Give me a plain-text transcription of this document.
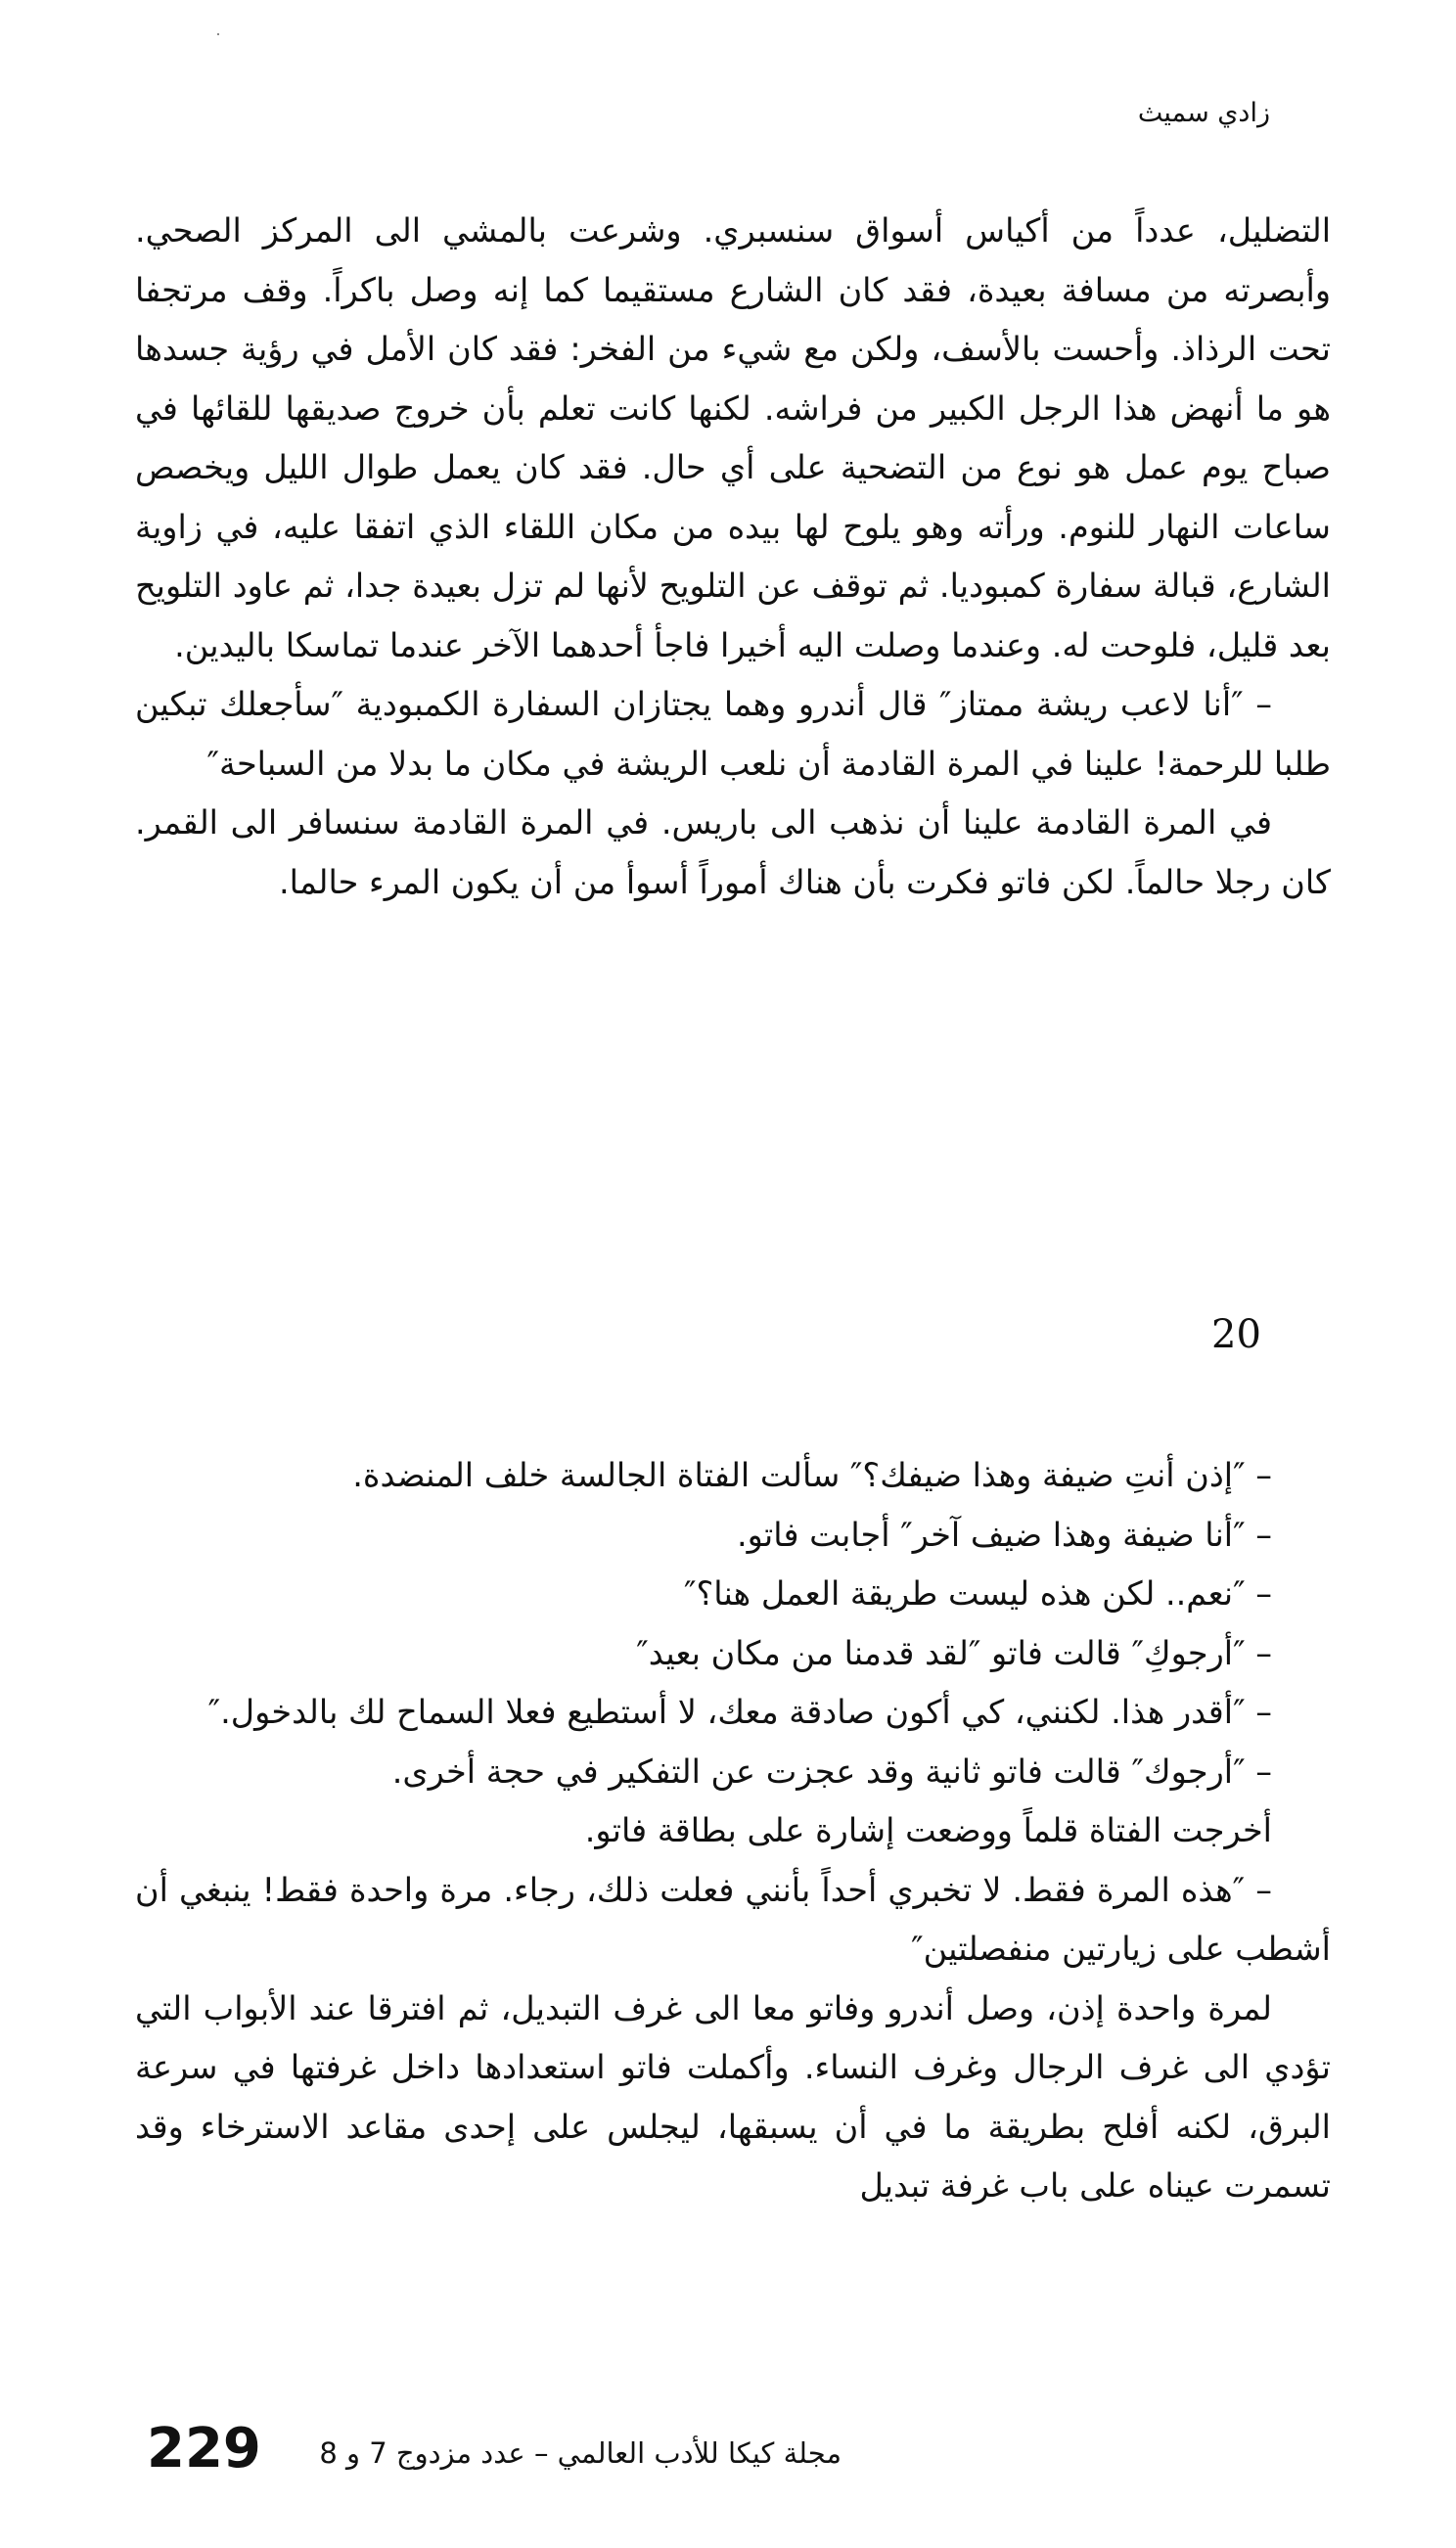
زادي سميث

التضليل، عدداً من أكياس أسواق سنسبري. وشرعت بالمشي الى المركز الصحي. وأبصرته من مسافة بعيدة، فقد كان الشارع مستقيما كما إنه وصل باكراً. وقف مرتجفا تحت الرذاذ. وأحست بالأسف، ولكن مع شيء من الفخر: فقد كان الأمل في رؤية جسدها هو ما أنهض هذا الرجل الكبير من فراشه. لكنها كانت تعلم بأن خروج صديقها للقائها في صباح يوم عمل هو نوع من التضحية على أي حال. فقد كان يعمل طوال الليل ويخصص ساعات النهار للنوم. ورأته وهو يلوح لها بيده من مكان اللقاء الذي اتفقا عليه، في زاوية الشارع، قبالة سفارة كمبوديا. ثم توقف عن التلويح لأنها لم تزل بعيدة جدا، ثم عاود التلويح بعد قليل، فلوحت له. وعندما وصلت اليه أخيرا فاجأ أحدهما الآخر عندما تماسكا باليدين.

– ″أنا لاعب ريشة ممتاز″ قال أندرو وهما يجتازان السفارة الكمبودية ″سأجعلك تبكين طلبا للرحمة! علينا في المرة القادمة أن نلعب الريشة في مكان ما بدلا من السباحة″

في المرة القادمة علينا أن نذهب الى باريس. في المرة القادمة سنسافر الى القمر. كان رجلا حالماً. لكن فاتو فكرت بأن هناك أموراً أسوأ من أن يكون المرء حالما.

20

– ″إذن أنتِ ضيفة وهذا ضيفك؟″ سألت الفتاة الجالسة خلف المنضدة.

– ″أنا ضيفة وهذا ضيف آخر″ أجابت فاتو.

– ″نعم.. لكن هذه ليست طريقة العمل هنا؟″

– ″أرجوكِ″ قالت فاتو ″لقد قدمنا من مكان بعيد″

– ″أقدر هذا. لكنني، كي أكون صادقة معك، لا أستطيع فعلا السماح لك بالدخول.″

– ″أرجوك″ قالت فاتو ثانية وقد عجزت عن التفكير في حجة أخرى.

أخرجت الفتاة قلماً ووضعت إشارة على بطاقة فاتو.

– ″هذه المرة فقط. لا تخبري أحداً بأنني فعلت ذلك، رجاء. مرة واحدة فقط! ينبغي أن أشطب على زيارتين منفصلتين″

لمرة واحدة إذن، وصل أندرو وفاتو معا الى غرف التبديل، ثم افترقا عند الأبواب التي تؤدي الى غرف الرجال وغرف النساء. وأكملت فاتو استعدادها داخل غرفتها في سرعة البرق، لكنه أفلح بطريقة ما في أن يسبقها، ليجلس على إحدى مقاعد الاسترخاء وقد تسمرت عيناه على باب غرفة تبديل

229	مجلة كيكا للأدب العالمي – عدد مزدوج 7 و 8
